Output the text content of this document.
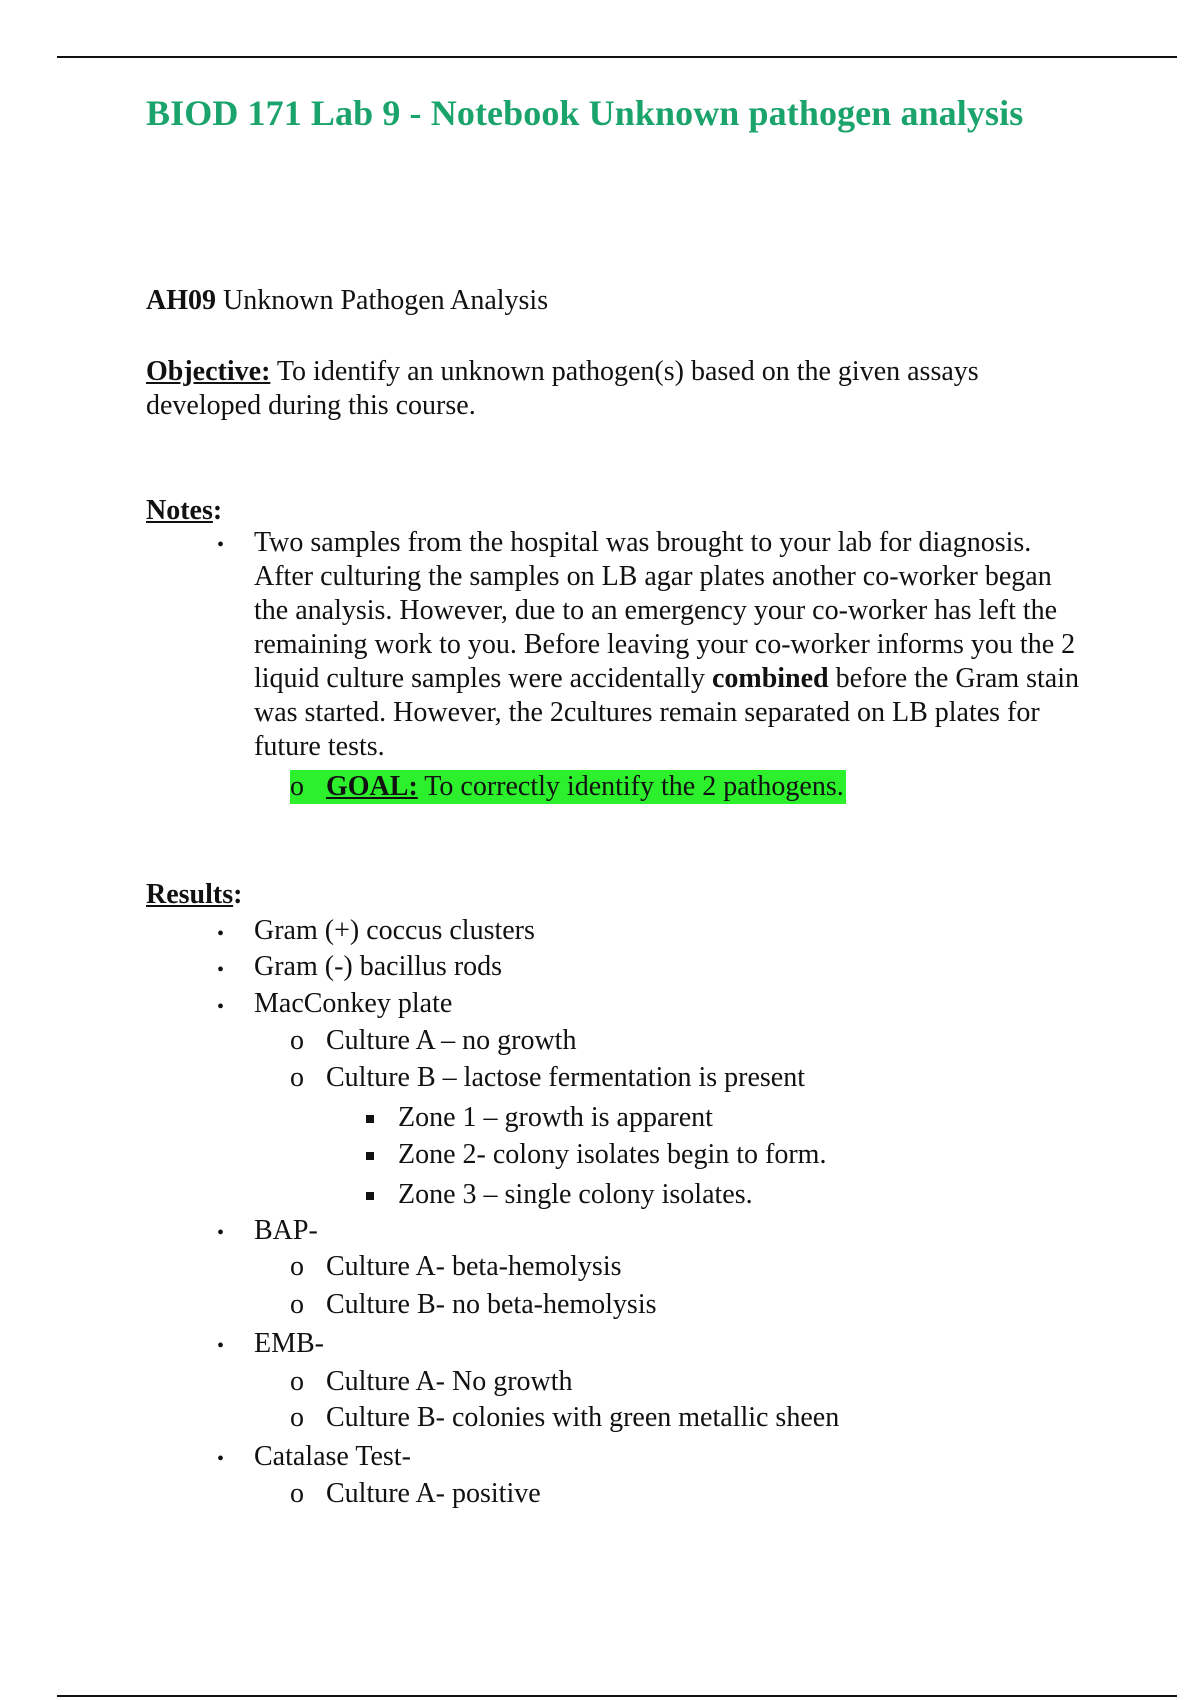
BIOD 171 Lab 9 - Notebook Unknown pathogen analysis
AH09 Unknown Pathogen Analysis
Objective: To identify an unknown pathogen(s) based on the given assays developed during this course.
Notes:
• Two samples from the hospital was brought to your lab for diagnosis. After culturing the samples on LB agar plates another co-worker began the analysis. However, due to an emergency your co-worker has left the remaining work to you. Before leaving your co-worker informs you the 2 liquid culture samples were accidentally combined before the Gram stain was started. However, the 2cultures remain separated on LB plates for future tests.

o GOAL: To correctly identify the 2 pathogens.
Results:
• Gram (+) coccus clusters
• Gram (-) bacillus rods
• MacConkey plate
o Culture A – no growth
o Culture B – lactose fermentation is present
Zone 1 – growth is apparent
Zone 2- colony isolates begin to form.
Zone 3 – single colony isolates.
• BAP-
o Culture A- beta-hemolysis
o Culture B- no beta-hemolysis
• EMB-
o Culture A- No growth
o Culture B- colonies with green metallic sheen
• Catalase Test-
o Culture A- positive
